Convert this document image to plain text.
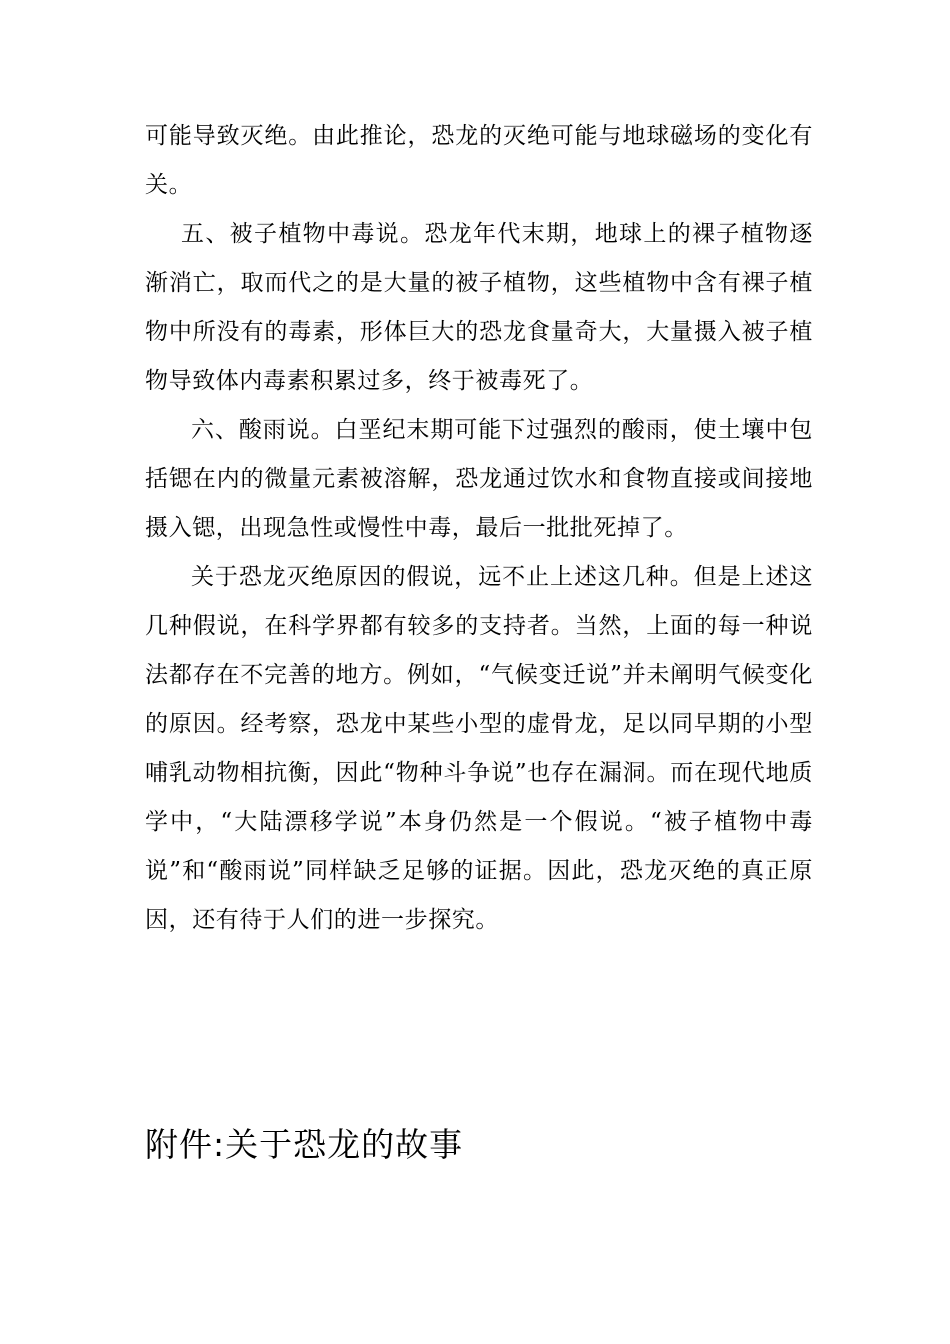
可能导致灭绝。由此推论，恐龙的灭绝可能与地球磁场的变化有关。

五、被子植物中毒说。恐龙年代末期，地球上的裸子植物逐渐消亡，取而代之的是大量的被子植物，这些植物中含有裸子植物中所没有的毒素，形体巨大的恐龙食量奇大，大量摄入被子植物导致体内毒素积累过多，终于被毒死了。

六、酸雨说。白垩纪末期可能下过强烈的酸雨，使土壤中包括锶在内的微量元素被溶解，恐龙通过饮水和食物直接或间接地摄入锶，出现急性或慢性中毒，最后一批批死掉了。

关于恐龙灭绝原因的假说，远不止上述这几种。但是上述这几种假说，在科学界都有较多的支持者。当然，上面的每一种说法都存在不完善的地方。例如，“气候变迁说”并未阐明气候变化的原因。经考察，恐龙中某些小型的虚骨龙，足以同早期的小型哺乳动物相抗衡，因此“物种斗争说”也存在漏洞。而在现代地质学中，“大陆漂移学说”本身仍然是一个假说。“被子植物中毒说”和“酸雨说”同样缺乏足够的证据。因此，恐龙灭绝的真正原因，还有待于人们的进一步探究。

附件:关于恐龙的故事
